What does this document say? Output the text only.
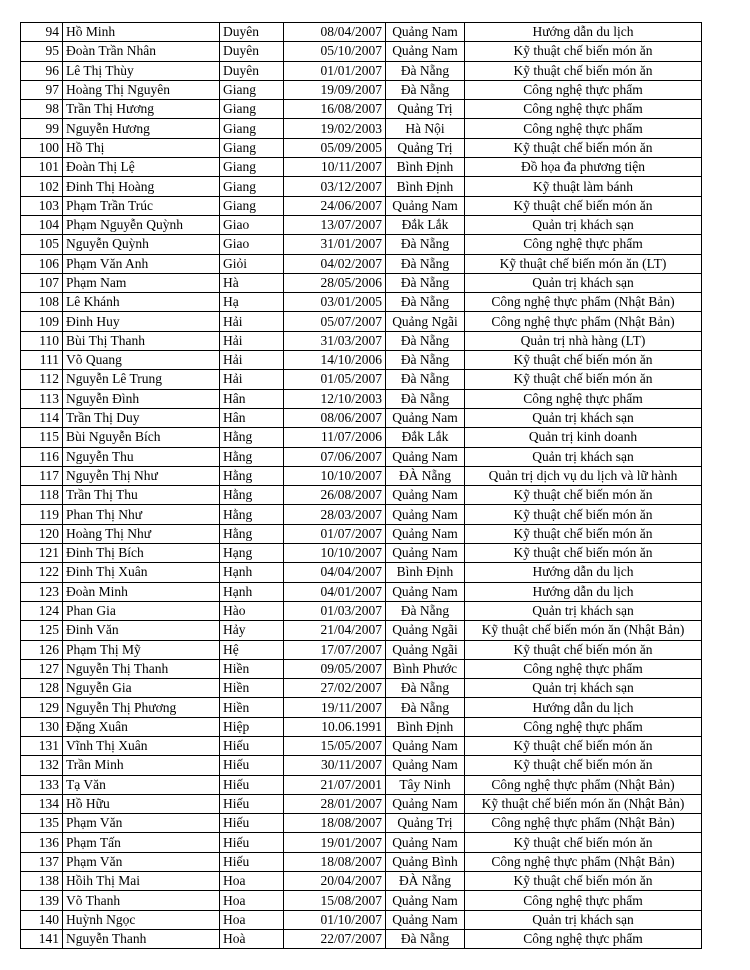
94	Hồ Minh	Duyên	08/04/2007	Quảng Nam	Hướng dẫn du lịch
95	Đoàn Trần Nhân	Duyên	05/10/2007	Quảng Nam	Kỹ thuật chế biến món ăn
96	Lê Thị Thùy	Duyên	01/01/2007	Đà Nẵng	Kỹ thuật chế biến món ăn
97	Hoàng Thị Nguyên	Giang	19/09/2007	Đà Nẵng	Công nghệ thực phẩm
98	Trần Thị Hương	Giang	16/08/2007	Quảng Trị	Công nghệ thực phẩm
99	Nguyễn Hương	Giang	19/02/2003	Hà Nội	Công nghệ thực phẩm
100	Hồ Thị	Giang	05/09/2005	Quảng Trị	Kỹ thuật chế biến món ăn
101	Đoàn Thị Lệ	Giang	10/11/2007	Bình Định	Đồ họa đa phương tiện
102	Đinh Thị Hoàng	Giang	03/12/2007	Bình Định	Kỹ thuật làm bánh
103	Phạm Trần Trúc	Giang	24/06/2007	Quảng Nam	Kỹ thuật chế biến món ăn
104	Phạm Nguyễn Quỳnh	Giao	13/07/2007	Đắk Lắk	Quản trị khách sạn
105	Nguyễn Quỳnh	Giao	31/01/2007	Đà Nẵng	Công nghệ thực phẩm
106	Phạm Văn Anh	Giỏi	04/02/2007	Đà Nẵng	Kỹ thuật chế biến món ăn (LT)
107	Phạm Nam	Hà	28/05/2006	Đà Nẵng	Quản trị khách sạn
108	Lê Khánh	Hạ	03/01/2005	Đà Nẵng	Công nghệ thực phẩm (Nhật Bản)
109	Đinh Huy	Hải	05/07/2007	Quảng Ngãi	Công nghệ thực phẩm (Nhật Bản)
110	Bùi Thị Thanh	Hải	31/03/2007	Đà Nẵng	Quản trị nhà hàng (LT)
111	Võ Quang	Hải	14/10/2006	Đà Nẵng	Kỹ thuật chế biến món ăn
112	Nguyễn Lê Trung	Hải	01/05/2007	Đà Nẵng	Kỹ thuật chế biến món ăn
113	Nguyễn Đình	Hân	12/10/2003	Đà Nẵng	Công nghệ thực phẩm
114	Trần Thị Duy	Hân	08/06/2007	Quảng Nam	Quản trị khách sạn
115	Bùi Nguyễn Bích	Hằng	11/07/2006	Đắk Lắk	Quản trị kinh doanh
116	Nguyễn Thu	Hằng	07/06/2007	Quảng Nam	Quản trị khách sạn
117	Nguyễn Thị Như	Hằng	10/10/2007	ĐÀ Nẵng	Quản trị dịch vụ du lịch và lữ hành
118	Trần Thị Thu	Hằng	26/08/2007	Quảng Nam	Kỹ thuật chế biến món ăn
119	Phan Thị Như	Hằng	28/03/2007	Quảng Nam	Kỹ thuật chế biến món ăn
120	Hoàng Thị Như	Hằng	01/07/2007	Quảng Nam	Kỹ thuật chế biến món ăn
121	Đinh Thị Bích	Hạng	10/10/2007	Quảng Nam	Kỹ thuật chế biến món ăn
122	Đinh Thị Xuân	Hạnh	04/04/2007	Bình Định	Hướng dẫn du lịch
123	Đoàn Minh	Hạnh	04/01/2007	Quảng Nam	Hướng dẫn du lịch
124	Phan Gia	Hào	01/03/2007	Đà Nẵng	Quản trị khách sạn
125	Đinh Văn	Hảy	21/04/2007	Quảng Ngãi	Kỹ thuật chế biến món ăn (Nhật Bản)
126	Phạm Thị Mỹ	Hệ	17/07/2007	Quảng Ngãi	Kỹ thuật chế biến món ăn
127	Nguyễn Thị Thanh	Hiền	09/05/2007	Bình Phước	Công nghệ thực phẩm
128	Nguyễn Gia	Hiền	27/02/2007	Đà Nẵng	Quản trị khách sạn
129	Nguyễn Thị Phương	Hiền	19/11/2007	Đà Nẵng	Hướng dẫn du lịch
130	Đặng Xuân	Hiệp	10.06.1991	Bình Định	Công nghệ thực phẩm
131	Vĩnh Thị Xuân	Hiếu	15/05/2007	Quảng Nam	Kỹ thuật chế biến món ăn
132	Trần Minh	Hiếu	30/11/2007	Quảng Nam	Kỹ thuật chế biến món ăn
133	Tạ Văn	Hiếu	21/07/2001	Tây Ninh	Công nghệ thực phẩm (Nhật Bản)
134	Hồ Hữu	Hiếu	28/01/2007	Quảng Nam	Kỹ thuật chế biến món ăn (Nhật Bản)
135	Phạm Văn	Hiếu	18/08/2007	Quảng Trị	Công nghệ thực phẩm (Nhật Bản)
136	Phạm Tấn	Hiếu	19/01/2007	Quảng Nam	Kỹ thuật chế biến món ăn
137	Phạm Văn	Hiếu	18/08/2007	Quảng Bình	Công nghệ thực phẩm (Nhật Bản)
138	Hồih Thị Mai	Hoa	20/04/2007	ĐÀ Nẵng	Kỹ thuật chế biến món ăn
139	Võ Thanh	Hoa	15/08/2007	Quảng Nam	Công nghệ thực phẩm
140	Huỳnh Ngọc	Hoa	01/10/2007	Quảng Nam	Quản trị khách sạn
141	Nguyễn Thanh	Hoà	22/07/2007	Đà Nẵng	Công nghệ thực phẩm
